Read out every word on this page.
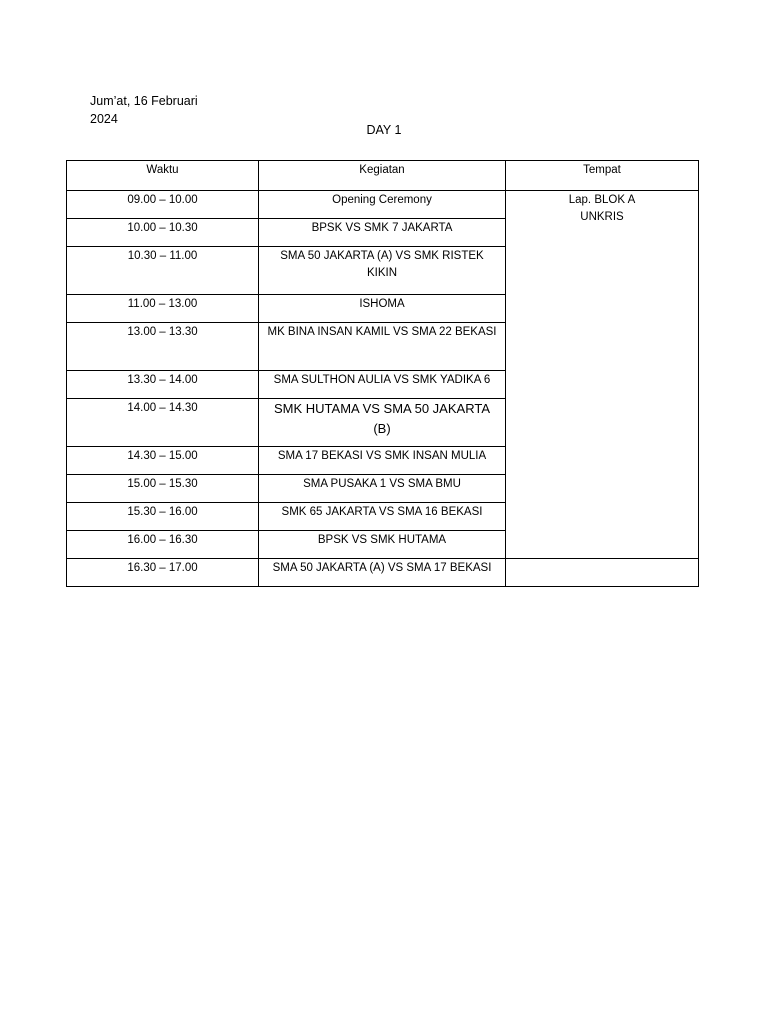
Jum’at, 16 Februari
2024
DAY 1
Waktu	Kegiatan	Tempat
09.00 – 10.00	Opening Ceremony	Lap. BLOK A
UNKRIS

10.00 – 10.30	BPSK VS SMK 7 JAKARTA	
10.30 – 11.00	SMA 50 JAKARTA (A) VS SMK RISTEK KIKIN	
11.00 – 13.00	ISHOMA	
13.00 – 13.30	MK BINA INSAN KAMIL VS SMA 22 BEKASI	
13.30 – 14.00	SMA SULTHON AULIA VS SMK YADIKA 6	
14.00 – 14.30	SMK HUTAMA VS SMA 50 JAKARTA (B)	
14.30 – 15.00	SMA 17 BEKASI VS SMK INSAN MULIA	
15.00 – 15.30	SMA PUSAKA 1 VS SMA BMU	
15.30 – 16.00	SMK 65 JAKARTA VS SMA 16 BEKASI	
16.00 – 16.30	BPSK VS SMK HUTAMA	
16.30 – 17.00	SMA 50 JAKARTA (A) VS SMA 17 BEKASI	
